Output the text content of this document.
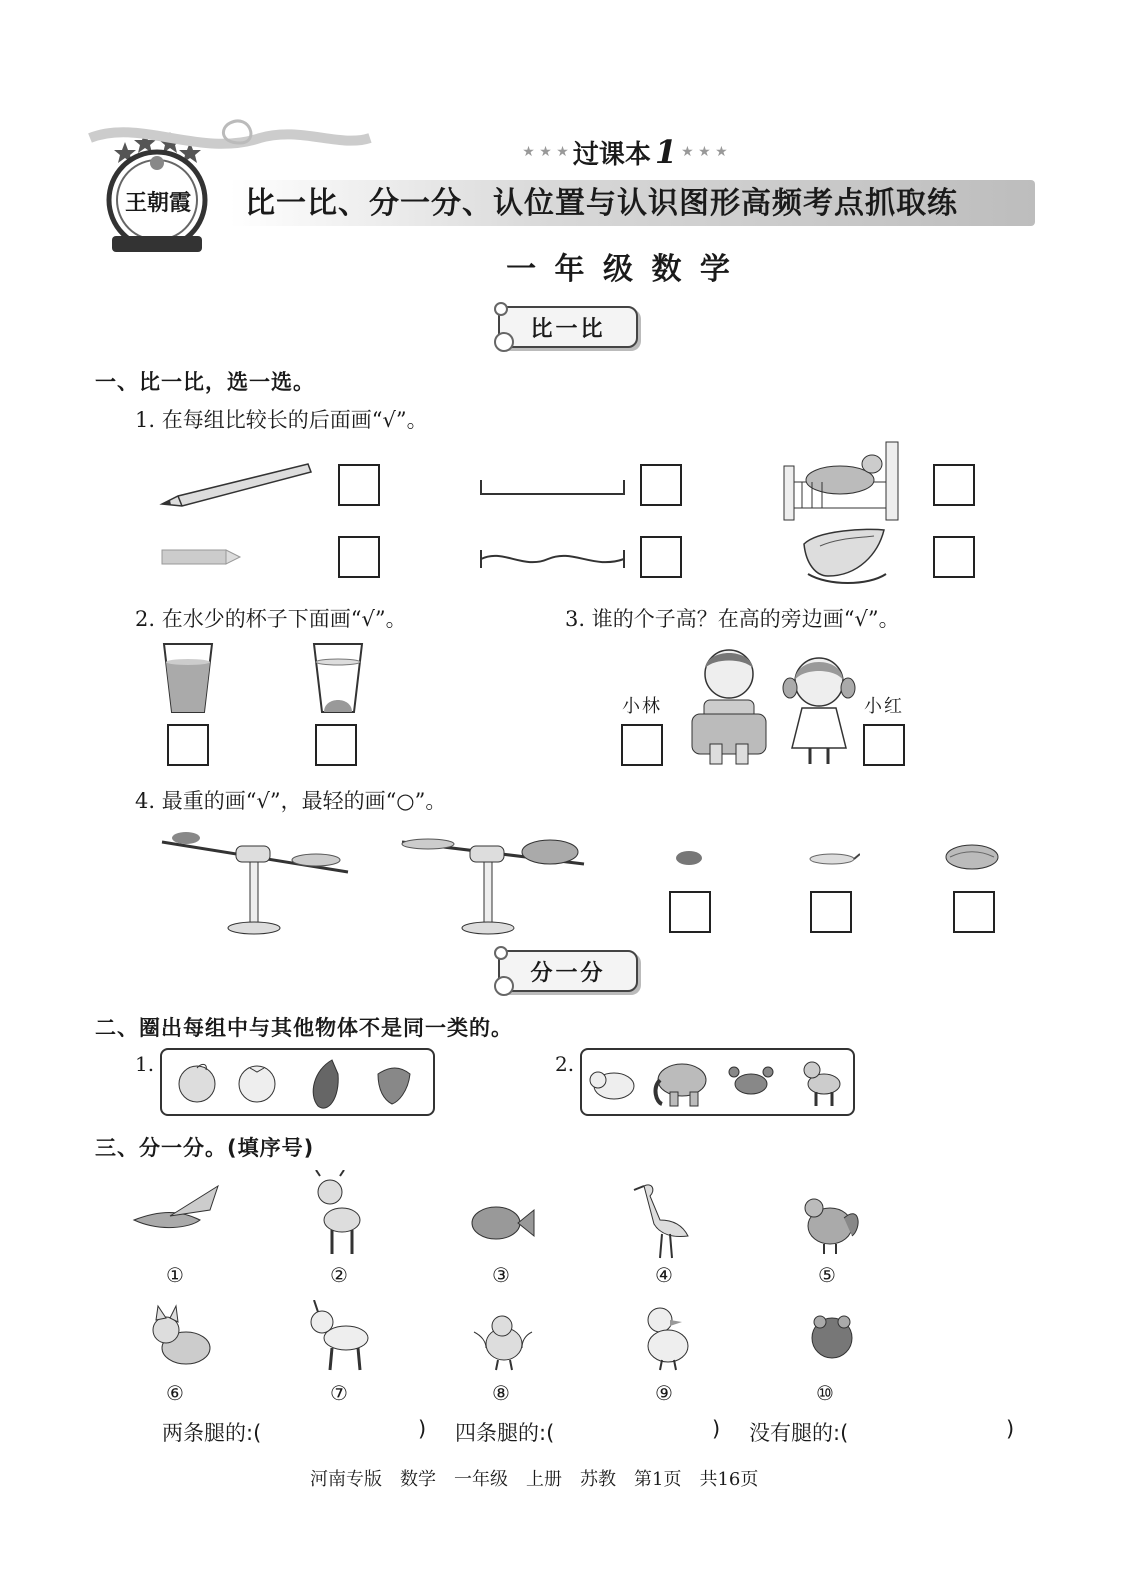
王朝霞
★ ★ ★ 过课本 1 ★ ★ ★
比一比、分一分、认位置与认识图形高频考点抓取练
一 年 级 数 学
比一比
一、比一比，选一选。
1. 在每组比较长的后面画“√”。
2. 在水少的杯子下面画“√”。	3. 谁的个子高？在高的旁边画“√”。
小林	小红
4. 最重的画“√”，最轻的画“○”。
分一分
二、圈出每组中与其他物体不是同一类的。
1.	2.
三、分一分。(填序号)
①	②	③	④	⑤
⑥	⑦	⑧	⑨	⑩
两条腿的:(	) 四条腿的:(	) 没有腿的:(	)
河南专版　数学　一年级　上册　苏教　第1页　共16页
